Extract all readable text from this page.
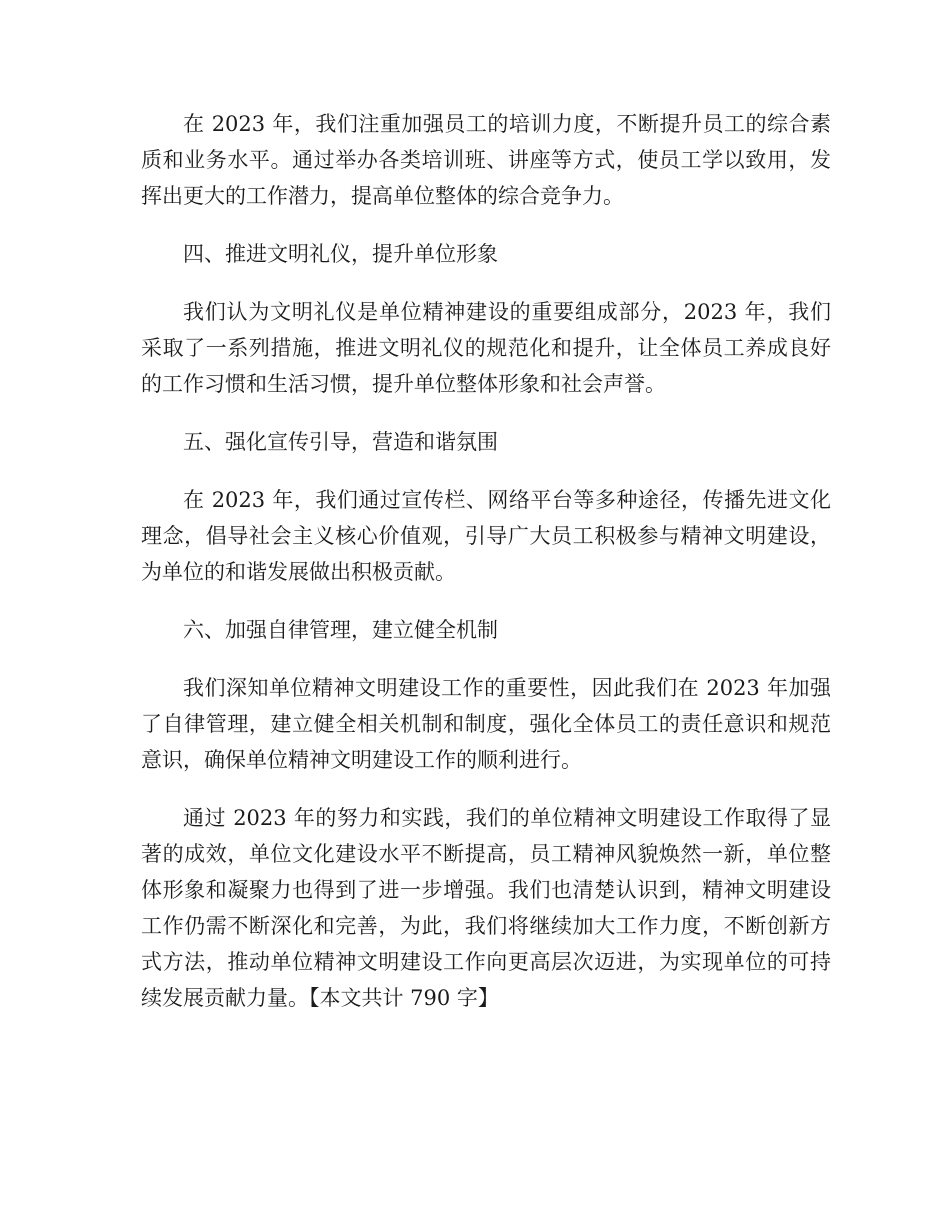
在 2023 年，我们注重加强员工的培训力度，不断提升员工的综合素质和业务水平。通过举办各类培训班、讲座等方式，使员工学以致用，发挥出更大的工作潜力，提高单位整体的综合竞争力。

四、推进文明礼仪，提升单位形象

我们认为文明礼仪是单位精神建设的重要组成部分，2023 年，我们采取了一系列措施，推进文明礼仪的规范化和提升，让全体员工养成良好的工作习惯和生活习惯，提升单位整体形象和社会声誉。

五、强化宣传引导，营造和谐氛围

在 2023 年，我们通过宣传栏、网络平台等多种途径，传播先进文化理念，倡导社会主义核心价值观，引导广大员工积极参与精神文明建设，为单位的和谐发展做出积极贡献。

六、加强自律管理，建立健全机制

我们深知单位精神文明建设工作的重要性，因此我们在 2023 年加强了自律管理，建立健全相关机制和制度，强化全体员工的责任意识和规范意识，确保单位精神文明建设工作的顺利进行。

通过 2023 年的努力和实践，我们的单位精神文明建设工作取得了显著的成效，单位文化建设水平不断提高，员工精神风貌焕然一新，单位整体形象和凝聚力也得到了进一步增强。我们也清楚认识到，精神文明建设工作仍需不断深化和完善，为此，我们将继续加大工作力度，不断创新方式方法，推动单位精神文明建设工作向更高层次迈进，为实现单位的可持续发展贡献力量。【本文共计 790 字】
